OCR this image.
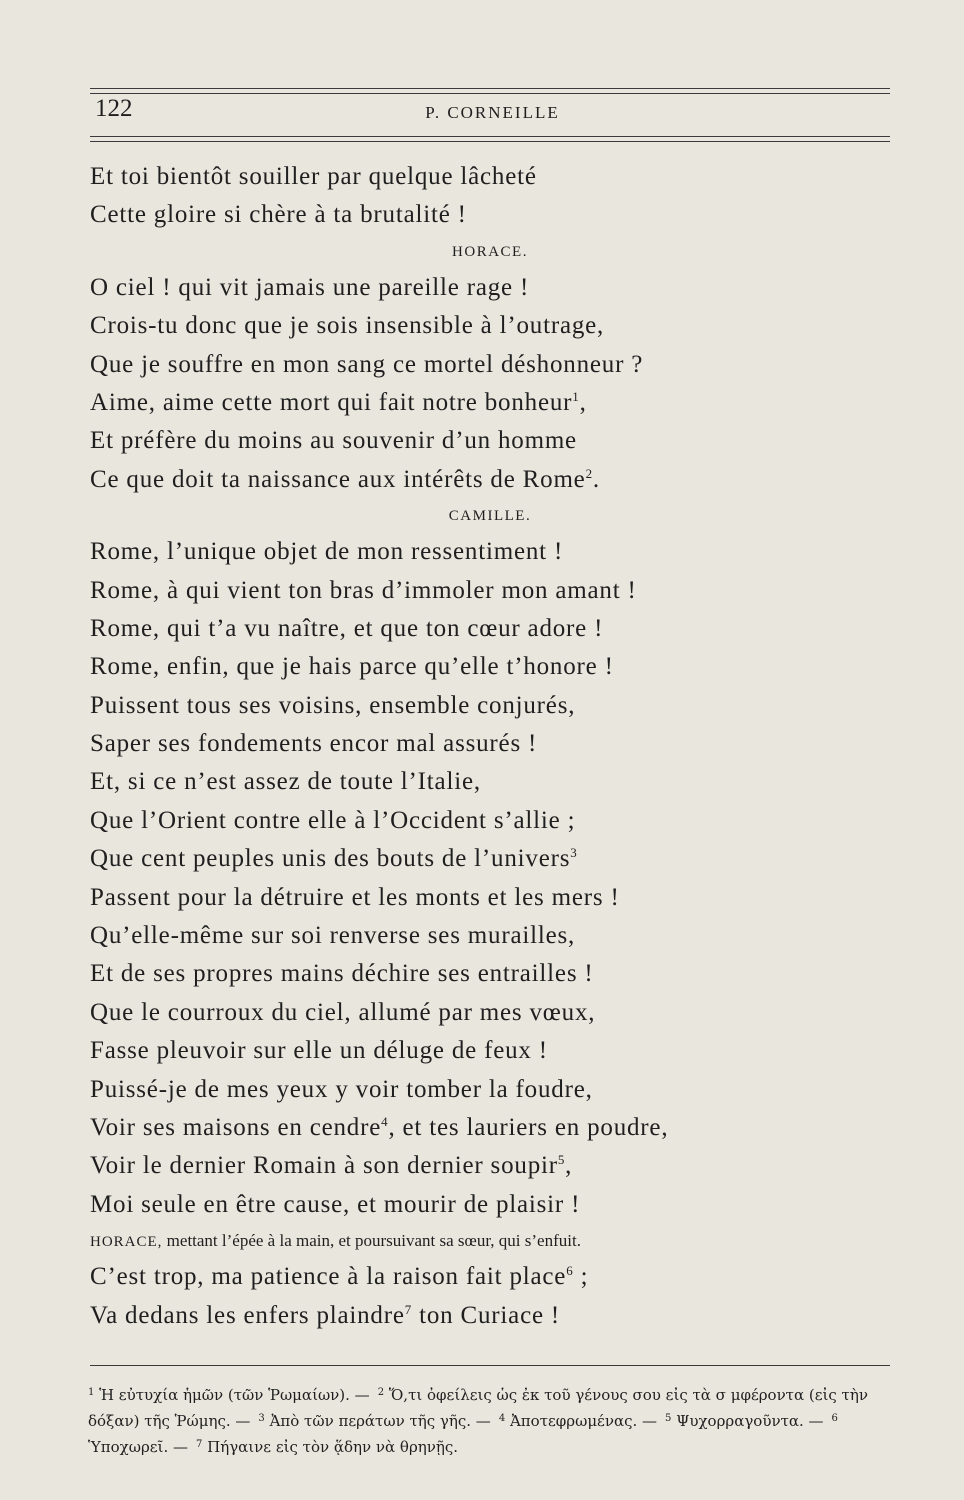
122	P. CORNEILLE
Et toi bientôt souiller par quelque lâcheté
Cette gloire si chère à ta brutalité !
HORACE.
O ciel ! qui vit jamais une pareille rage !
Crois-tu donc que je sois insensible à l’outrage,
Que je souffre en mon sang ce mortel déshonneur ?
Aime, aime cette mort qui fait notre bonheur$^1$,
Et préfère du moins au souvenir d’un homme
Ce que doit ta naissance aux intérêts de Rome$^2$.
CAMILLE.
Rome, l’unique objet de mon ressentiment !
Rome, à qui vient ton bras d’immoler mon amant !
Rome, qui t’a vu naître, et que ton cœur adore !
Rome, enfin, que je hais parce qu’elle t’honore !
Puissent tous ses voisins, ensemble conjurés,
Saper ses fondements encor mal assurés !
Et, si ce n’est assez de toute l’Italie,
Que l’Orient contre elle à l’Occident s’allie ;
Que cent peuples unis des bouts de l’univers$^3$
Passent pour la détruire et les monts et les mers !
Qu’elle-même sur soi renverse ses murailles,
Et de ses propres mains déchire ses entrailles !
Que le courroux du ciel, allumé par mes vœux,
Fasse pleuvoir sur elle un déluge de feux !
Puissé-je de mes yeux y voir tomber la foudre,
Voir ses maisons en cendre$^4$, et tes lauriers en poudre,
Voir le dernier Romain à son dernier soupir$^5$,
Moi seule en être cause, et mourir de plaisir !
HORACE, mettant l’épée à la main, et poursuivant sa sœur, qui s’enfuit.
C’est trop, ma patience à la raison fait place$^6$ ;
Va dedans les enfers plaindre$^7$ ton Curiace !
$^1$ Ἡ εὐτυχία ἡμῶν (τῶν Ῥωμαίων). — $^2$ Ὅ,τι ὀφείλεις ὡς ἐκ τοῦ γένους σου εἰς τὰ σ μφέροντα (εἰς τὴν δόξαν) τῆς Ῥώμης. — $^3$ Ἀπὸ τῶν περάτων τῆς γῆς. — $^4$ Ἀποτεφρωμένας. — $^5$ Ψυχορραγοῦντα. — $^6$ Ὑποχωρεῖ. — $^7$ Πήγαινε εἰς τὸν ᾅδην νὰ θρηνῇς.
